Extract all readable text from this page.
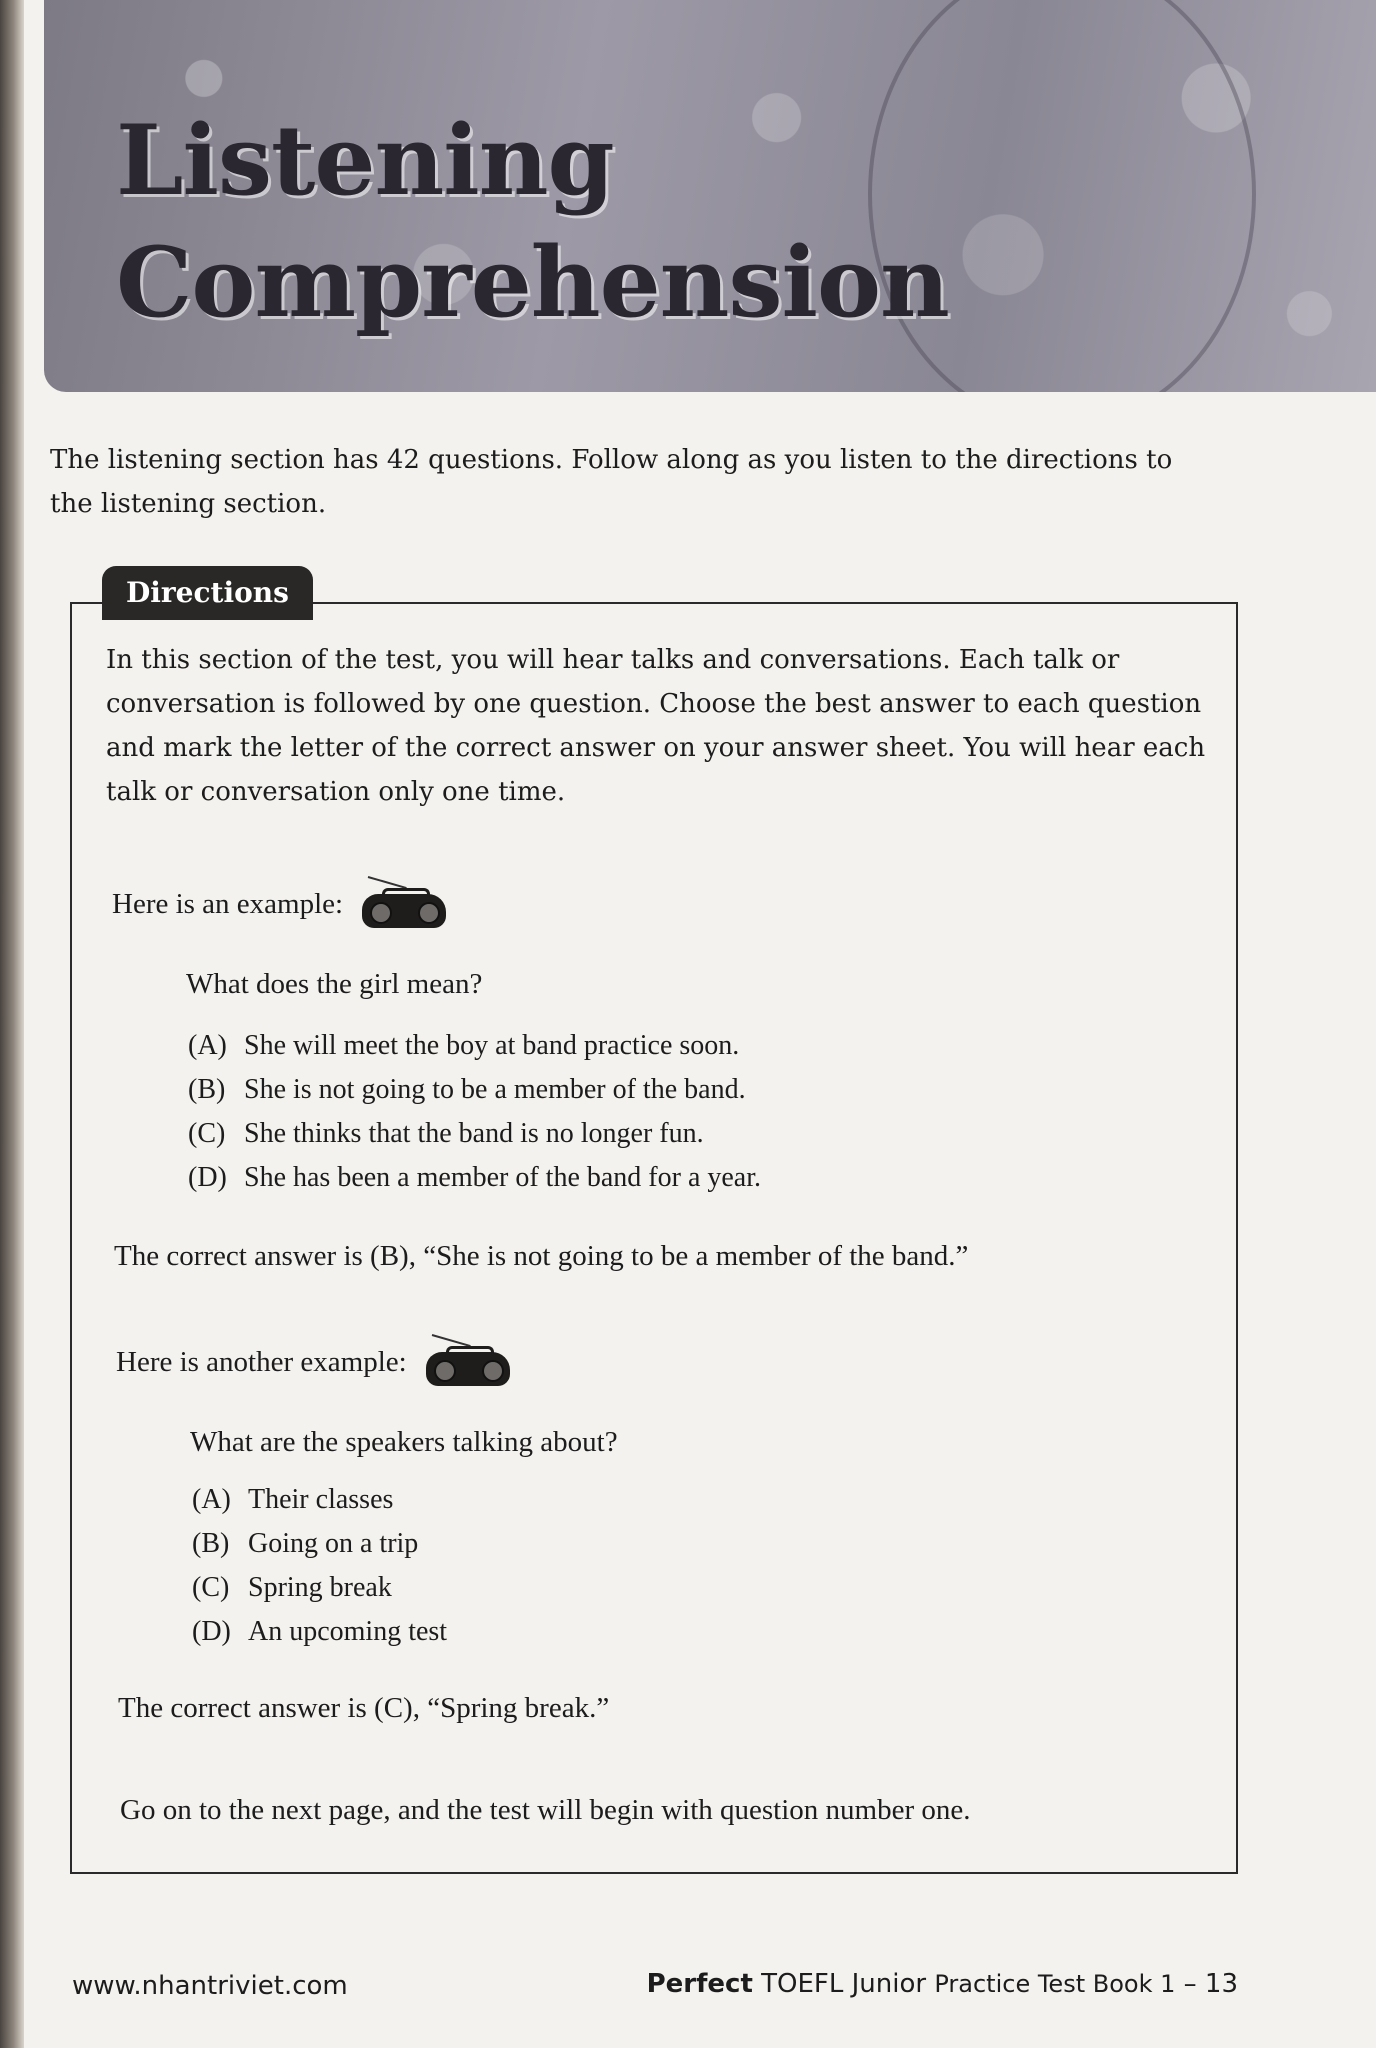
Listening
Comprehension

The listening section has 42 questions. Follow along as you listen to the directions to the listening section.

Directions

In this section of the test, you will hear talks and conversations. Each talk or conversation is followed by one question. Choose the best answer to each question and mark the letter of the correct answer on your answer sheet. You will hear each talk or conversation only one time.

Here is an example:
What does the girl mean?
(A) She will meet the boy at band practice soon.
(B) She is not going to be a member of the band.
(C) She thinks that the band is no longer fun.
(D) She has been a member of the band for a year.
The correct answer is (B), “She is not going to be a member of the band.”
Here is another example:
What are the speakers talking about?
(A) Their classes
(B) Going on a trip
(C) Spring break
(D) An upcoming test
The correct answer is (C), “Spring break.”
Go on to the next page, and the test will begin with question number one.

www.nhantriviet.com	Perfect TOEFL Junior Practice Test Book 1 – 13
